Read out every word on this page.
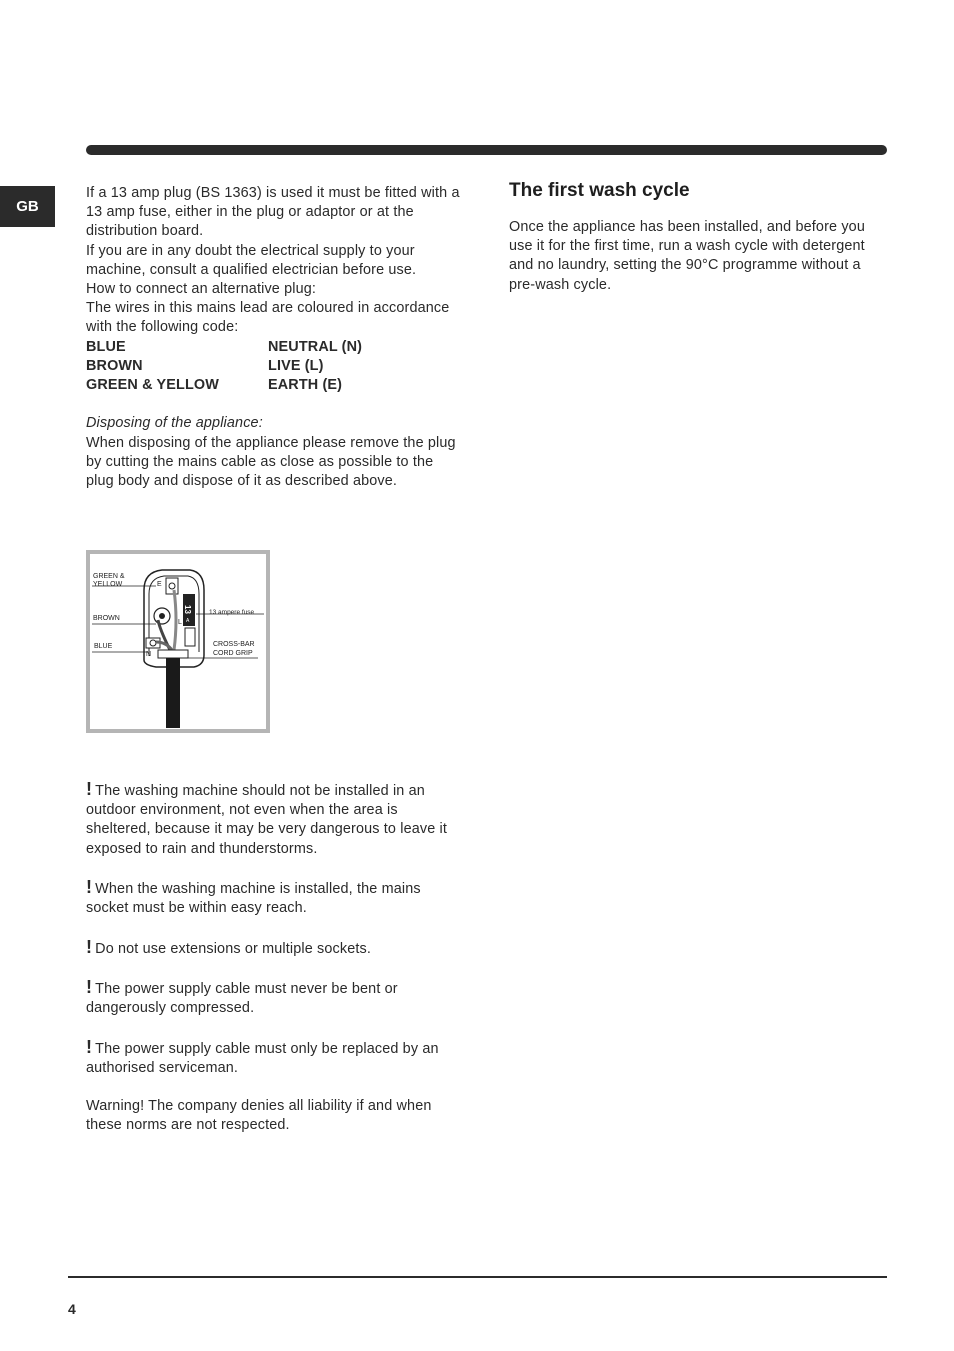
GB

If a 13 amp plug (BS 1363) is used it must be fitted with a

13 amp fuse, either in the plug or adaptor or at the distribution board.

If you are in any doubt the electrical supply to your machine, consult a qualified electrician before use.

How to connect an alternative plug:

The wires in this mains lead are coloured in accordance with the following code:

BLUE	NEUTRAL (N)
BROWN	LIVE (L)
GREEN & YELLOW	EARTH (E)

Disposing of the appliance:

When disposing of the appliance please remove the plug by cutting the mains cable as close as possible to the plug body and dispose of it as described above.

E
L
13
A
N
GREEN &
YELLOW
BROWN
BLUE
13 ampere fuse
CROSS-BAR
CORD GRIP

! The washing machine should not be installed in an outdoor environment, not even when the area is sheltered, because it may be very dangerous to leave it exposed to rain and thunderstorms.

! When the washing machine is installed, the mains socket must be within easy reach.

! Do not use extensions or multiple sockets.

! The power supply cable must never be bent or dangerously compressed.

! The power supply cable must only be replaced by an authorised serviceman.

Warning! The company denies all liability if and when these norms are not respected.

The first wash cycle

Once the appliance has been installed, and before you use it for the first time, run a wash cycle with detergent and no laundry, setting the 90°C programme without a pre-wash cycle.

4
